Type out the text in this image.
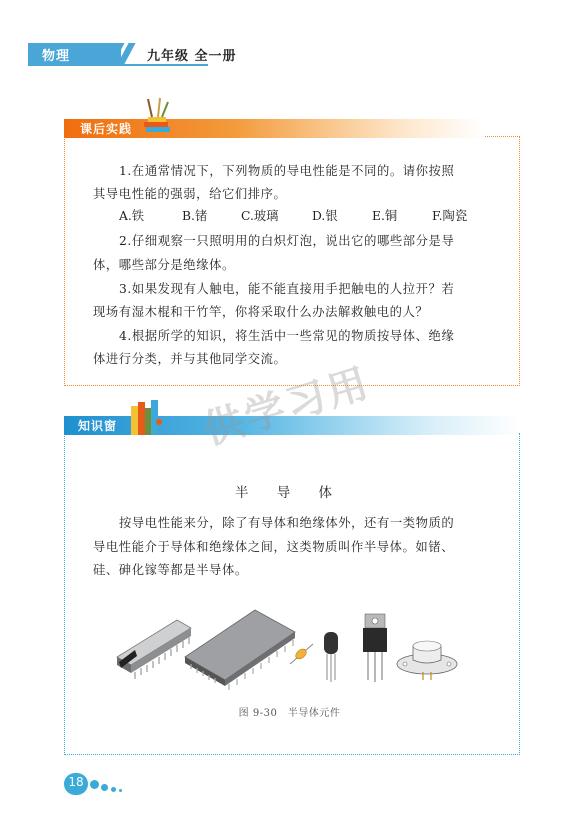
物理	九年级 全一册
课后实践
1.在通常情况下，下列物质的导电性能是不同的。请你按照
其导电性能的强弱，给它们排序。
A.铁	B.锗	C.玻璃	D.银	E.铜	F.陶瓷
2.仔细观察一只照明用的白炽灯泡，说出它的哪些部分是导
体，哪些部分是绝缘体。
3.如果发现有人触电，能不能直接用手把触电的人拉开？若
现场有湿木棍和干竹竿，你将采取什么办法解救触电的人？
4.根据所学的知识，将生活中一些常见的物质按导体、绝缘
体进行分类，并与其他同学交流。
知识窗
半 导 体
按导电性能来分，除了有导体和绝缘体外，还有一类物质的
导电性能介于导体和绝缘体之间，这类物质叫作半导体。如锗、
硅、砷化镓等都是半导体。
图 9-30　半导体元件
供学习用
18
